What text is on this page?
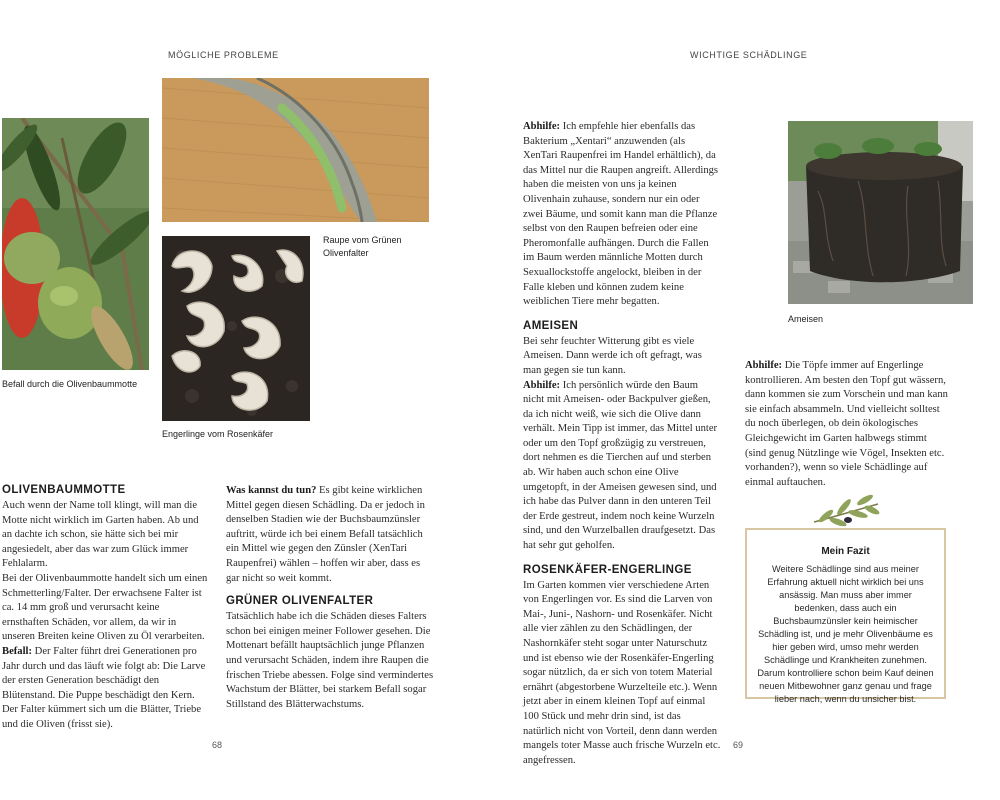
MÖGLICHE PROBLEME
Befall durch die Olivenbaummotte
Raupe vom Grünen Olivenfalter
Engerlinge vom Rosenkäfer
OLIVENBAUMMOTTE

Auch wenn der Name toll klingt, will man die Motte nicht wirklich im Garten haben. Ab und an dachte ich schon, sie hätte sich bei mir angesiedelt, aber das war zum Glück immer Fehlalarm.

Bei der Olivenbaummotte handelt sich um einen Schmetterling/Falter. Der erwachsene Falter ist ca. 14 mm groß und verursacht keine ernsthaften Schäden, vor allem, da wir in unseren Breiten keine Oliven zu Öl verarbeiten.

Befall: Der Falter führt drei Generationen pro Jahr durch und das läuft wie folgt ab: Die Larve der ersten Generation beschädigt den Blütenstand. Die Puppe beschädigt den Kern. Der Falter kümmert sich um die Blätter, Triebe und die Oliven (frisst sie).

Was kannst du tun? Es gibt keine wirklichen Mittel gegen diesen Schädling. Da er jedoch in denselben Stadien wie der Buchsbaumzünsler auftritt, würde ich bei einem Befall tatsächlich ein Mittel wie gegen den Zünsler (XenTari Raupenfrei) wählen – hoffen wir aber, dass es gar nicht so weit kommt.

GRÜNER OLIVENFALTER

Tatsächlich habe ich die Schäden dieses Falters schon bei einigen meiner Follower gesehen. Die Mottenart befällt hauptsächlich junge Pflanzen und verursacht Schäden, indem ihre Raupen die frischen Triebe abessen. Folge sind vermindertes Wachstum der Blätter, bei starkem Befall sogar Stillstand des Blätterwachstums.

68
WICHTIGE SCHÄDLINGE

Abhilfe: Ich empfehle hier ebenfalls das Bakterium „Xentari“ anzuwenden (als XenTari Raupenfrei im Handel erhältlich), da das Mittel nur die Raupen angreift. Allerdings haben die meisten von uns ja keinen Olivenhain zuhause, sondern nur ein oder zwei Bäume, und somit kann man die Pflanze selbst von den Raupen befreien oder eine Pheromonfalle aufhängen. Durch die Fallen im Baum werden männliche Motten durch Sexuallockstoffe angelockt, bleiben in der Falle kleben und können zudem keine weiblichen Tiere mehr begatten.

AMEISEN

Bei sehr feuchter Witterung gibt es viele Ameisen. Dann werde ich oft gefragt, was man gegen sie tun kann.

Abhilfe: Ich persönlich würde den Baum nicht mit Ameisen- oder Backpulver gießen, da ich nicht weiß, wie sich die Olive dann verhält. Mein Tipp ist immer, das Mittel unter oder um den Topf großzügig zu verstreuen, dort nehmen es die Tierchen auf und sterben ab. Wir haben auch schon eine Olive umgetopft, in der Ameisen gewesen sind, und ich habe das Pulver dann in den unteren Teil der Erde gestreut, indem noch keine Wurzeln sind, und den Wurzelballen draufgesetzt. Das hat sehr gut geholfen.

ROSENKÄFER-ENGERLINGE

Im Garten kommen vier verschiedene Arten von Engerlingen vor. Es sind die Larven von Mai-, Juni-, Nashorn- und Rosenkäfer. Nicht alle vier zählen zu den Schädlingen, der Nashornkäfer steht sogar unter Naturschutz und ist ebenso wie der Rosenkäfer-Engerling sogar nützlich, da er sich von totem Material ernährt (abgestorbene Wurzelteile etc.). Wenn jetzt aber in einem kleinen Topf auf einmal 100 Stück und mehr drin sind, ist das natürlich nicht von Vorteil, denn dann werden mangels toter Masse auch frische Wurzeln etc. angefressen.

Ameisen

Abhilfe: Die Töpfe immer auf Engerlinge kontrollieren. Am besten den Topf gut wässern, dann kommen sie zum Vorschein und man kann sie einfach absammeln. Und vielleicht solltest du noch überlegen, ob dein ökologisches Gleichgewicht im Garten halbwegs stimmt (sind genug Nützlinge wie Vögel, Insekten etc. vorhanden?), wenn so viele Schädlinge auf einmal auftauchen.

Mein Fazit
Weitere Schädlinge sind aus meiner Erfahrung aktuell nicht wirklich bei uns ansässig. Man muss aber immer bedenken, dass auch ein Buchsbaumzünsler kein heimischer Schädling ist, und je mehr Olivenbäume es hier geben wird, umso mehr werden Schädlinge und Krankheiten zunehmen. Darum kontrolliere schon beim Kauf deinen neuen Mitbewohner ganz genau und frage lieber nach, wenn du unsicher bist.
69
